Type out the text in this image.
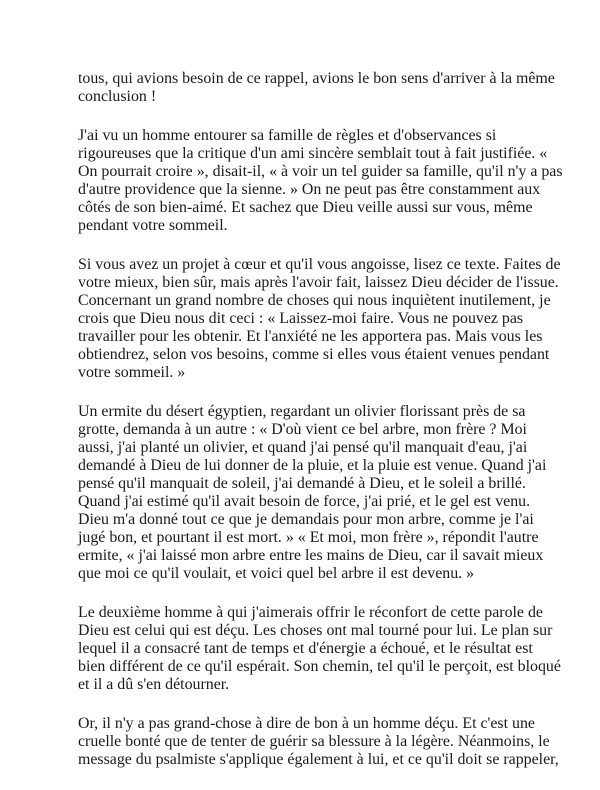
tous, qui avions besoin de ce rappel, avions le bon sens d'arriver à la même
conclusion !

J'ai vu un homme entourer sa famille de règles et d'observances si
rigoureuses que la critique d'un ami sincère semblait tout à fait justifiée. «
On pourrait croire », disait-il, « à voir un tel guider sa famille, qu'il n'y a pas
d'autre providence que la sienne. » On ne peut pas être constamment aux
côtés de son bien-aimé. Et sachez que Dieu veille aussi sur vous, même
pendant votre sommeil.

Si vous avez un projet à cœur et qu'il vous angoisse, lisez ce texte. Faites de
votre mieux, bien sûr, mais après l'avoir fait, laissez Dieu décider de l'issue.
Concernant un grand nombre de choses qui nous inquiètent inutilement, je
crois que Dieu nous dit ceci : « Laissez-moi faire. Vous ne pouvez pas
travailler pour les obtenir. Et l'anxiété ne les apportera pas. Mais vous les
obtiendrez, selon vos besoins, comme si elles vous étaient venues pendant
votre sommeil. »

Un ermite du désert égyptien, regardant un olivier florissant près de sa
grotte, demanda à un autre : « D'où vient ce bel arbre, mon frère ? Moi
aussi, j'ai planté un olivier, et quand j'ai pensé qu'il manquait d'eau, j'ai
demandé à Dieu de lui donner de la pluie, et la pluie est venue. Quand j'ai
pensé qu'il manquait de soleil, j'ai demandé à Dieu, et le soleil a brillé.
Quand j'ai estimé qu'il avait besoin de force, j'ai prié, et le gel est venu.
Dieu m'a donné tout ce que je demandais pour mon arbre, comme je l'ai
jugé bon, et pourtant il est mort. » « Et moi, mon frère », répondit l'autre
ermite, « j'ai laissé mon arbre entre les mains de Dieu, car il savait mieux
que moi ce qu'il voulait, et voici quel bel arbre il est devenu. »

Le deuxième homme à qui j'aimerais offrir le réconfort de cette parole de
Dieu est celui qui est déçu. Les choses ont mal tourné pour lui. Le plan sur
lequel il a consacré tant de temps et d'énergie a échoué, et le résultat est
bien différent de ce qu'il espérait. Son chemin, tel qu'il le perçoit, est bloqué
et il a dû s'en détourner.

Or, il n'y a pas grand-chose à dire de bon à un homme déçu. Et c'est une
cruelle bonté que de tenter de guérir sa blessure à la légère. Néanmoins, le
message du psalmiste s'applique également à lui, et ce qu'il doit se rappeler,
